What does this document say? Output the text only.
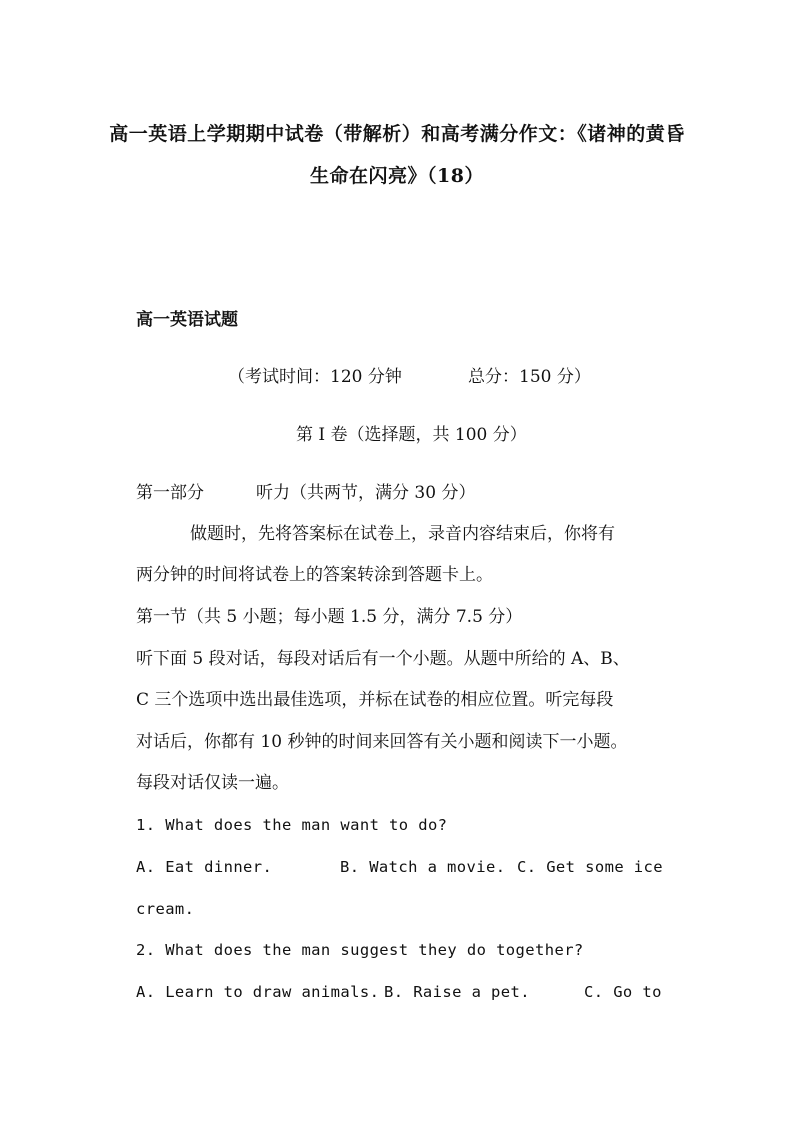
高一英语上学期期中试卷（带解析）和高考满分作文：《诸神的黄昏
生命在闪亮》（18）
高一英语试题
（考试时间：120 分钟	总分：150 分）
第 I 卷（选择题，共 100 分）
第一部分	听力（共两节，满分 30 分）
做题时，先将答案标在试卷上，录音内容结束后，你将有
两分钟的时间将试卷上的答案转涂到答题卡上。
第一节（共 5 小题；每小题 1.5 分，满分 7.5 分）
听下面 5 段对话，每段对话后有一个小题。从题中所给的 A、B、
C 三个选项中选出最佳选项，并标在试卷的相应位置。听完每段
对话后，你都有 10 秒钟的时间来回答有关小题和阅读下一小题。
每段对话仅读一遍。
1. What does the man want to do?
A. Eat dinner.	B. Watch a movie. C. Get some ice
cream.
2. What does the man suggest they do together?
A. Learn to draw animals. B. Raise a pet.	C. Go to
